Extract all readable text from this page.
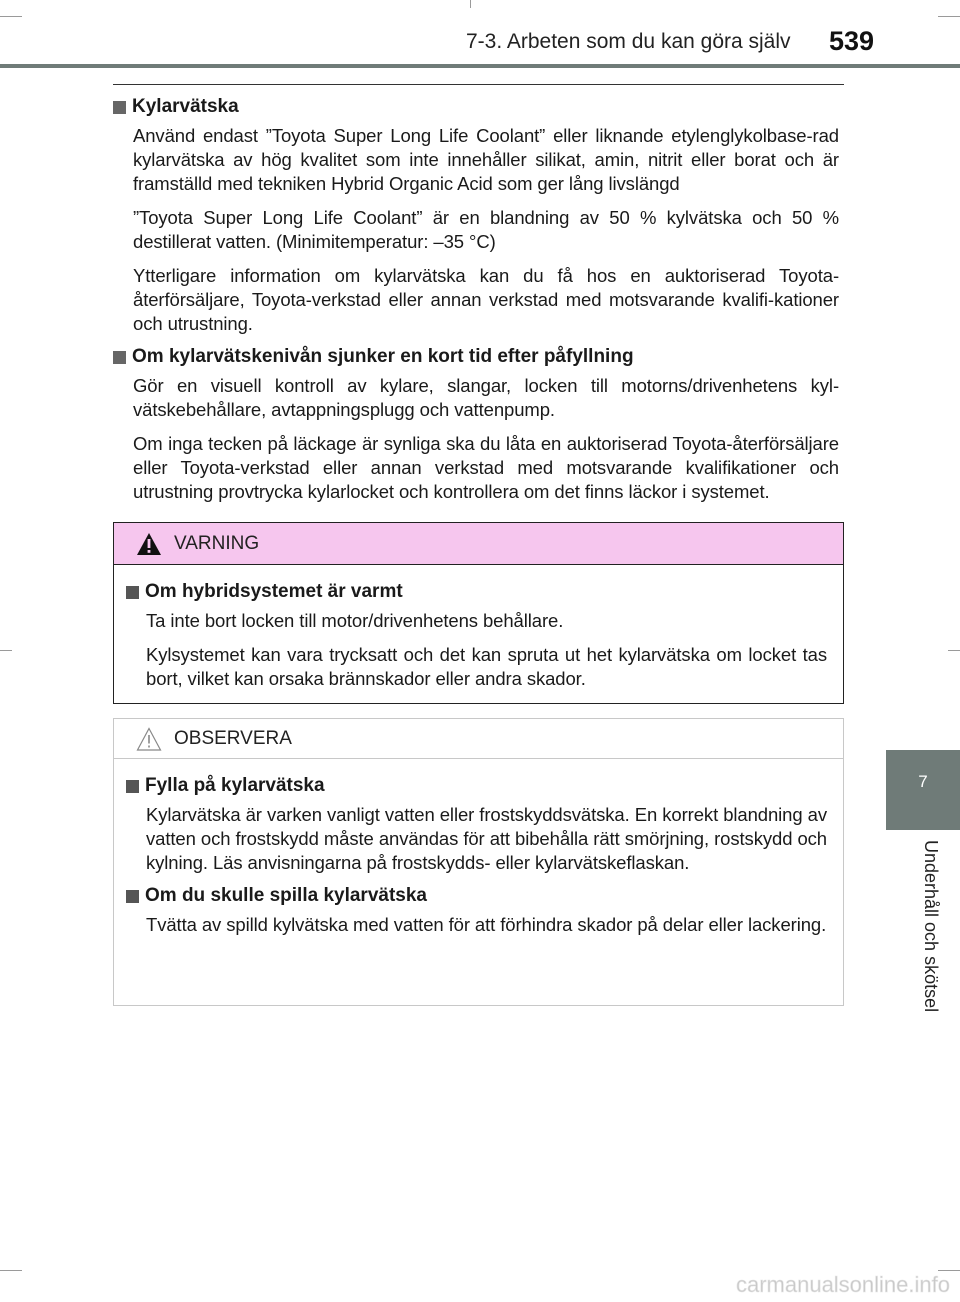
7-3. Arbeten som du kan göra själv 539
7
Underhåll och skötsel
Kylarvätska

Använd endast ”Toyota Super Long Life Coolant” eller liknande etylenglykolbase-rad kylarvätska av hög kvalitet som inte innehåller silikat, amin, nitrit eller borat och är framställd med tekniken Hybrid Organic Acid som ger lång livslängd

”Toyota Super Long Life Coolant” är en blandning av 50 % kylvätska och 50 % destillerat vatten. (Minimitemperatur: –35 °C)

Ytterligare information om kylarvätska kan du få hos en auktoriserad Toyota-återförsäljare, Toyota-verkstad eller annan verkstad med motsvarande kvalifi-kationer och utrustning.

Om kylarvätskenivån sjunker en kort tid efter påfyllning

Gör en visuell kontroll av kylare, slangar, locken till motorns/drivenhetens kyl-vätskebehållare, avtappningsplugg och vattenpump.

Om inga tecken på läckage är synliga ska du låta en auktoriserad Toyota-återförsäljare eller Toyota-verkstad eller annan verkstad med motsvarande kvalifikationer och utrustning provtrycka kylarlocket och kontrollera om det finns läckor i systemet.

VARNING
Om hybridsystemet är varmt

Ta inte bort locken till motor/drivenhetens behållare.

Kylsystemet kan vara trycksatt och det kan spruta ut het kylarvätska om locket tas bort, vilket kan orsaka brännskador eller andra skador.

OBSERVERA
Fylla på kylarvätska

Kylarvätska är varken vanligt vatten eller frostskyddsvätska. En korrekt blandning av vatten och frostskydd måste användas för att bibehålla rätt smörjning, rostskydd och kylning. Läs anvisningarna på frostskydds- eller kylarvätskeflaskan.

Om du skulle spilla kylarvätska

Tvätta av spilld kylvätska med vatten för att förhindra skador på delar eller lackering.

carmanualsonline.info
